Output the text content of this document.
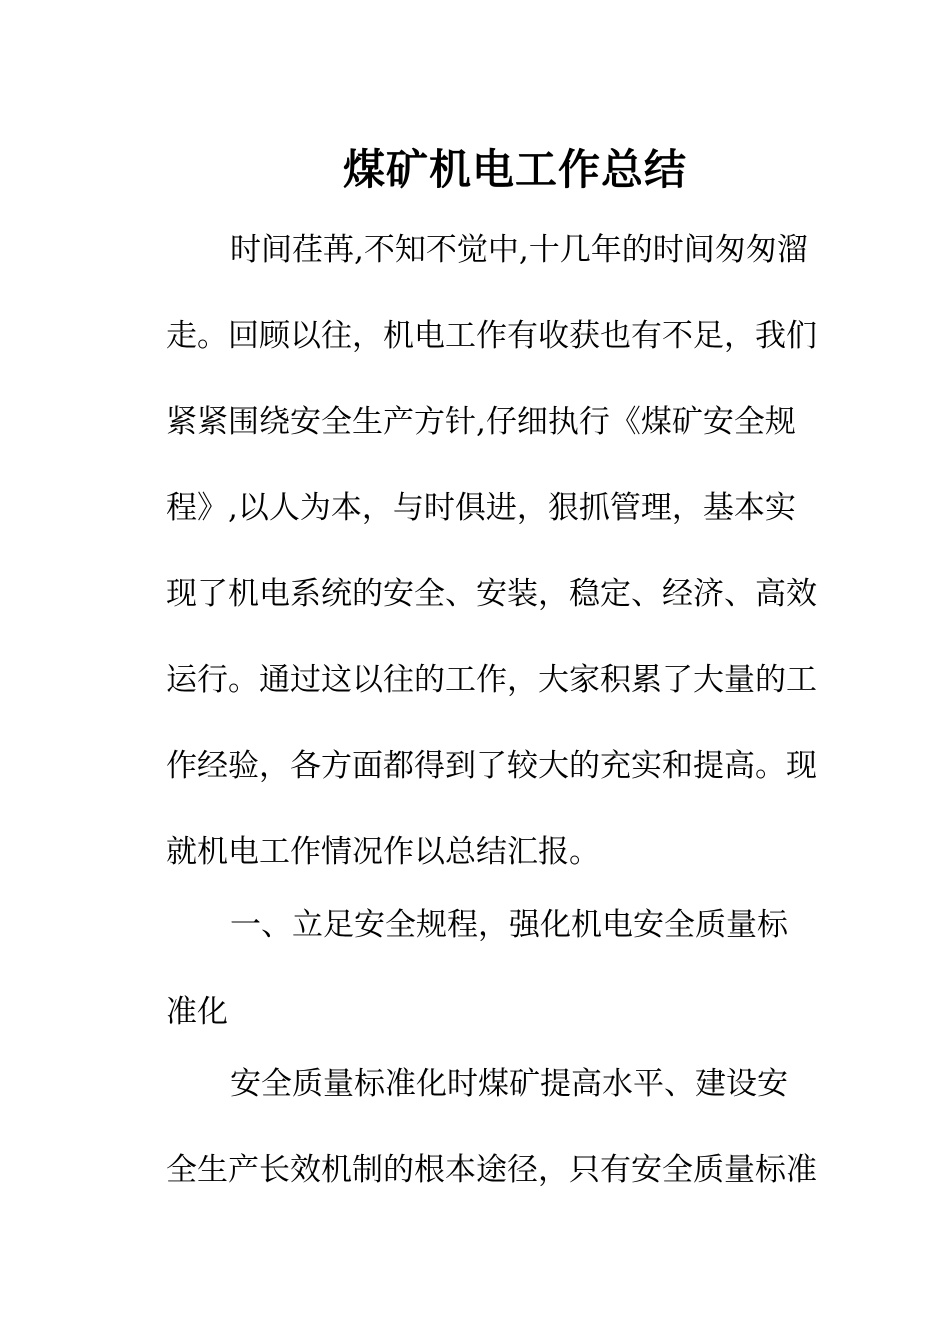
煤矿机电工作总结
时间荏苒,不知不觉中,十几年的时间匆匆溜
走。回顾以往，机电工作有收获也有不足，我们
紧紧围绕安全生产方针,仔细执行《煤矿安全规
程》,以人为本，与时俱进，狠抓管理，基本实
现了机电系统的安全、安装，稳定、经济、高效
运行。通过这以往的工作，大家积累了大量的工
作经验，各方面都得到了较大的充实和提高。现
就机电工作情况作以总结汇报。
一、立足安全规程，强化机电安全质量标
准化
安全质量标准化时煤矿提高水平、建设安
全生产长效机制的根本途径，只有安全质量标准
